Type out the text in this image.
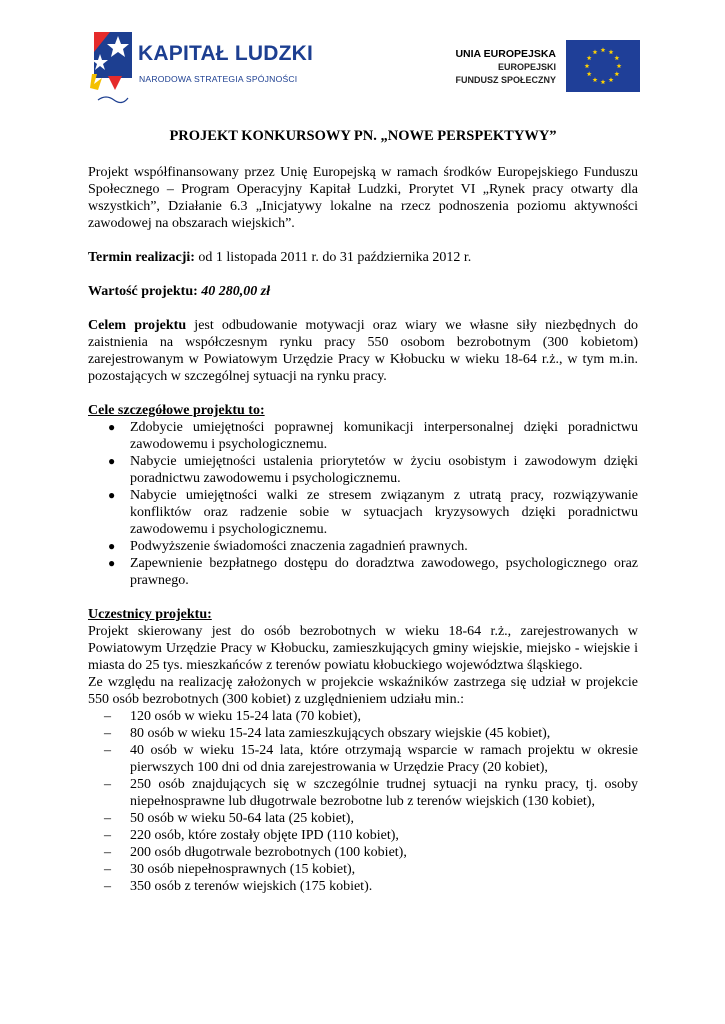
KAPITAŁ LUDZKI
NARODOWA STRATEGIA SPÓJNOŚCI
UNIA EUROPEJSKA
EUROPEJSKI
FUNDUSZ SPOŁECZNY
PROJEKT KONKURSOWY PN. „NOWE PERSPEKTYWY”

Projekt współfinansowany przez Unię Europejską w ramach środków Europejskiego Funduszu Społecznego – Program Operacyjny Kapitał Ludzki, Prorytet VI „Rynek pracy otwarty dla wszystkich”, Działanie 6.3 „Inicjatywy lokalne na rzecz podnoszenia poziomu aktywności zawodowej na obszarach wiejskich”.

Termin realizacji: od 1 listopada 2011 r. do 31 października 2012 r.

Wartość projektu: 40 280,00 zł

Celem projektu jest odbudowanie motywacji oraz wiary we własne siły niezbędnych do zaistnienia na współczesnym rynku pracy 550 osobom bezrobotnym (300 kobietom) zarejestrowanym w Powiatowym Urzędzie Pracy w Kłobucku w wieku 18-64 r.ż., w tym m.in. pozostających w szczególnej sytuacji na rynku pracy.

Cele szczegółowe projektu to:

● Zdobycie umiejętności poprawnej komunikacji interpersonalnej dzięki poradnictwu zawodowemu i psychologicznemu.
● Nabycie umiejętności ustalenia priorytetów w życiu osobistym i zawodowym dzięki poradnictwu zawodowemu i psychologicznemu.
● Nabycie umiejętności walki ze stresem związanym z utratą pracy, rozwiązywanie konfliktów oraz radzenie sobie w sytuacjach kryzysowych dzięki poradnictwu zawodowemu i psychologicznemu.
● Podwyższenie świadomości znaczenia zagadnień prawnych.
● Zapewnienie bezpłatnego dostępu do doradztwa zawodowego, psychologicznego oraz prawnego.

Uczestnicy projektu:

Projekt skierowany jest do osób bezrobotnych w wieku 18-64 r.ż., zarejestrowanych w Powiatowym Urzędzie Pracy w Kłobucku, zamieszkujących gminy wiejskie, miejsko - wiejskie i miasta do 25 tys. mieszkańców z terenów powiatu kłobuckiego województwa śląskiego.

Ze względu na realizację założonych w projekcie wskaźników zastrzega się udział w projekcie 550 osób bezrobotnych (300 kobiet) z uzględnieniem udziału min.:

– 120 osób w wieku 15-24 lata (70 kobiet),
– 80 osób w wieku 15-24 lata zamieszkujących obszary wiejskie (45 kobiet),
– 40 osób w wieku 15-24 lata, które otrzymają wsparcie w ramach projektu w okresie pierwszych 100 dni od dnia zarejestrowania w Urzędzie Pracy (20 kobiet),
– 250 osób znajdujących się w szczególnie trudnej sytuacji na rynku pracy, tj. osoby niepełnosprawne lub długotrwale bezrobotne lub z terenów wiejskich (130 kobiet),
– 50 osób w wieku 50-64 lata (25 kobiet),
– 220 osób, które zostały objęte IPD (110 kobiet),
– 200 osób długotrwale bezrobotnych (100 kobiet),
– 30 osób niepełnosprawnych (15 kobiet),
– 350 osób z terenów wiejskich (175 kobiet).
